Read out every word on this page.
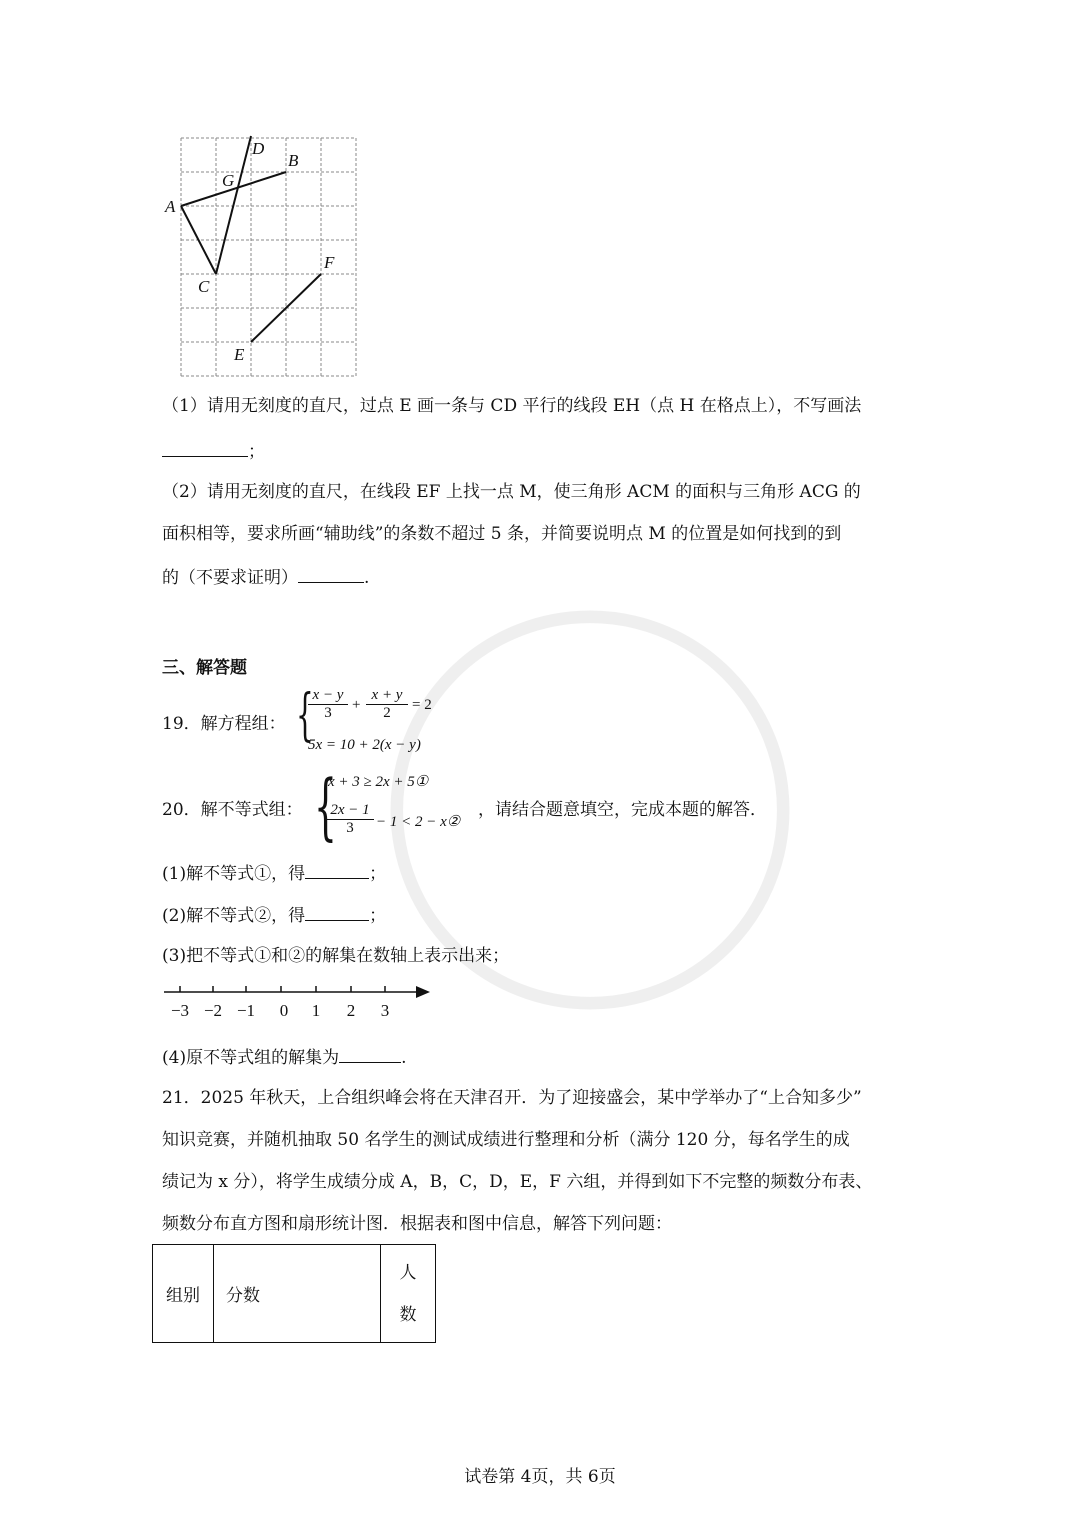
D
B
G
A
C
F
E
（1）请用无刻度的直尺，过点 E 画一条与 CD 平行的线段 EH（点 H 在格点上），不写画法
；
（2）请用无刻度的直尺，在线段 EF 上找一点 M，使三角形 ACM 的面积与三角形 ACG 的
面积相等，要求所画“辅助线”的条数不超过 5 条，并简要说明点 M 的位置是如何找到的到
的（不要求证明）	.
三、解答题
19．解方程组： {
$\frac{x - y}{3} + \frac{x + y}{2} = 2$
5x = 10 + 2(x − y)
20．解不等式组： {
x + 3 ≥ 2x + 5①
$\frac{2x - 1}{3} - 1 < 2$ − x②
，请结合题意填空，完成本题的解答．
(1)解不等式①，得	；
(2)解不等式②，得	；
(3)把不等式①和②的解集在数轴上表示出来；
−3 −2 −1 0 1 2 3
(4)原不等式组的解集为	.
21．2025 年秋天，上合组织峰会将在天津召开．为了迎接盛会，某中学举办了“上合知多少”
知识竞赛，并随机抽取 50 名学生的测试成绩进行整理和分析（满分 120 分，每名学生的成
绩记为 x 分），将学生成绩分成 A，B，C，D，E，F 六组，并得到如下不完整的频数分布表、
频数分布直方图和扇形统计图．根据表和图中信息，解答下列问题：
组别	分数	
人
数
试卷第 4页，共 6页
